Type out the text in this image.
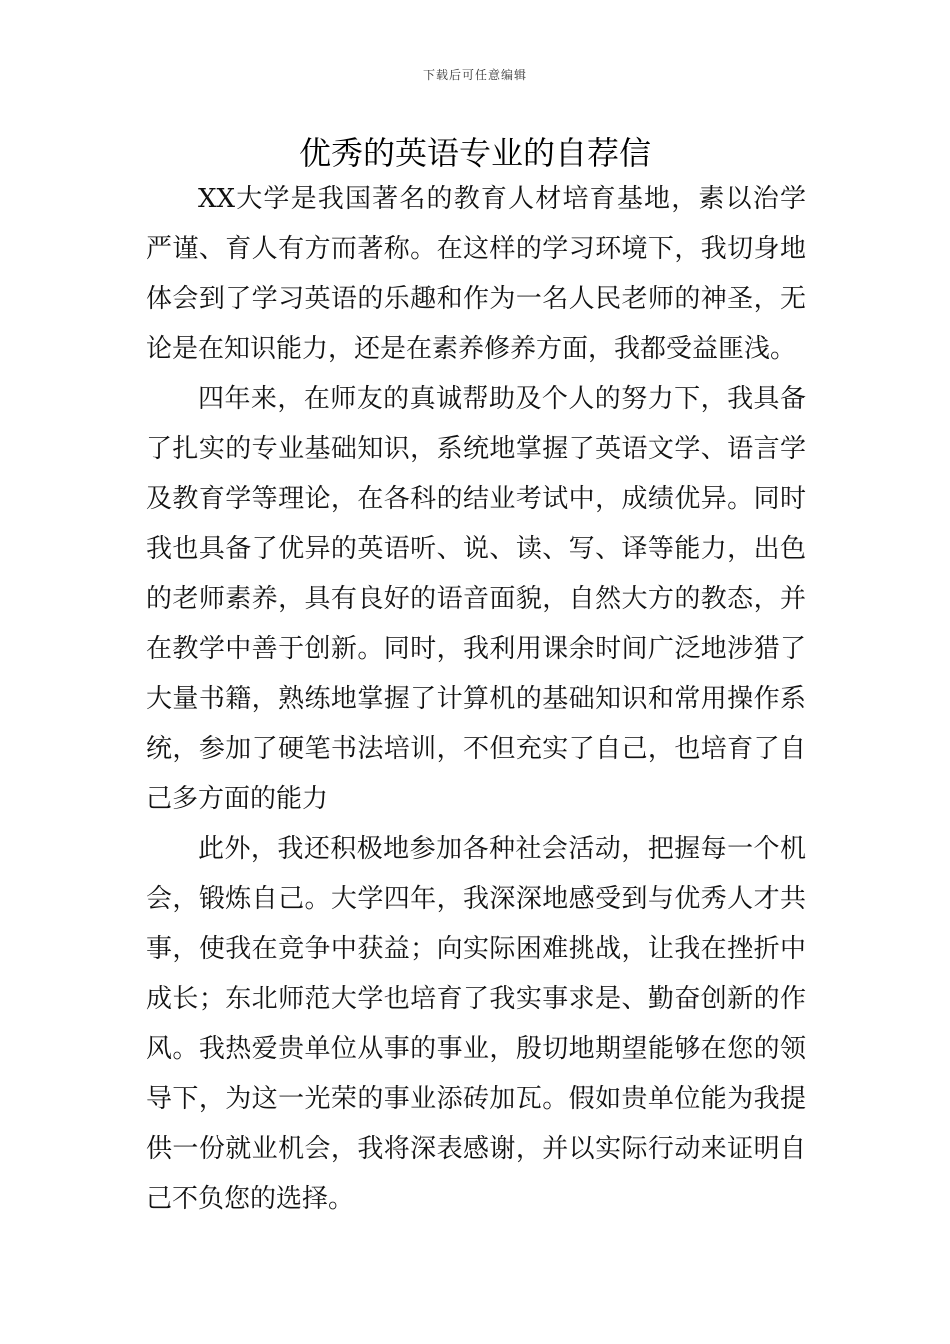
下载后可任意编辑
优秀的英语专业的自荐信

XX大学是我国著名的教育人材培育基地，素以治学严谨、育人有方而著称。在这样的学习环境下，我切身地体会到了学习英语的乐趣和作为一名人民老师的神圣，无论是在知识能力，还是在素养修养方面，我都受益匪浅。

四年来，在师友的真诚帮助及个人的努力下，我具备了扎实的专业基础知识，系统地掌握了英语文学、语言学及教育学等理论，在各科的结业考试中，成绩优异。同时我也具备了优异的英语听、说、读、写、译等能力，出色的老师素养，具有良好的语音面貌，自然大方的教态，并在教学中善于创新。同时，我利用课余时间广泛地涉猎了大量书籍，熟练地掌握了计算机的基础知识和常用操作系统，参加了硬笔书法培训，不但充实了自己，也培育了自己多方面的能力

此外，我还积极地参加各种社会活动，把握每一个机会，锻炼自己。大学四年，我深深地感受到与优秀人才共事，使我在竞争中获益；向实际困难挑战，让我在挫折中成长；东北师范大学也培育了我实事求是、勤奋创新的作风。我热爱贵单位从事的事业，殷切地期望能够在您的领导下，为这一光荣的事业添砖加瓦。假如贵单位能为我提供一份就业机会，我将深表感谢，并以实际行动来证明自己不负您的选择。
